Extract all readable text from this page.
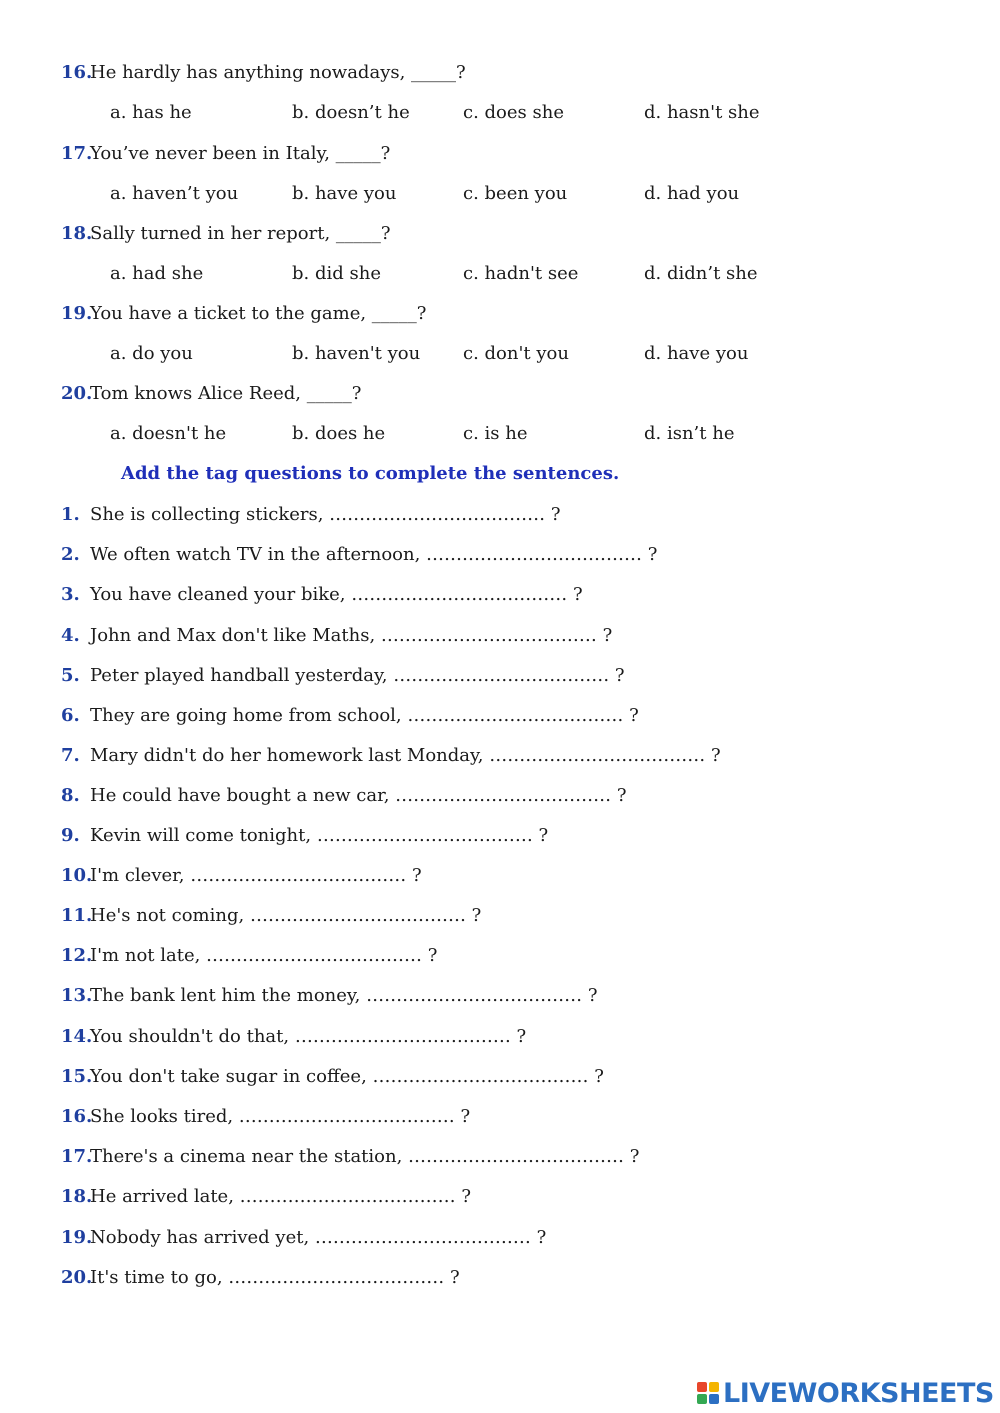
16.He hardly has anything nowadays, _____?
a. has he	b. doesn’t he	c. does she	d. hasn't she
17.You’ve never been in Italy, _____?
a. haven’t you	b. have you	c. been you	d. had you
18.Sally turned in her report, _____?
a. had she	b. did she	c. hadn't see	d. didn’t she
19.You have a ticket to the game, _____?
a. do you	b. haven't you c. don't you	d. have you
20.Tom knows Alice Reed, _____?
a. doesn't he	b. does he	c. is he	d. isn’t he
Add the tag questions to complete the sentences.
1. She is collecting stickers, ……………………………… ?
2. We often watch TV in the afternoon, ……………………………… ?
3. You have cleaned your bike, ……………………………… ?
4. John and Max don't like Maths, ……………………………… ?
5. Peter played handball yesterday, ……………………………… ?
6. They are going home from school, ……………………………… ?
7. Mary didn't do her homework last Monday, ……………………………… ?
8. He could have bought a new car, ……………………………… ?
9. Kevin will come tonight, ……………………………… ?
10.I'm clever, ……………………………… ?
11.He's not coming, ……………………………… ?
12.I'm not late, ……………………………… ?
13.The bank lent him the money, ……………………………… ?
14.You shouldn't do that, ……………………………… ?
15.You don't take sugar in coffee, ……………………………… ?
16.She looks tired, ……………………………… ?
17.There's a cinema near the station, ……………………………… ?
18.He arrived late, ……………………………… ?
19.Nobody has arrived yet, ……………………………… ?
20.It's time to go, ……………………………… ?
LIVEWORKSHEETS
